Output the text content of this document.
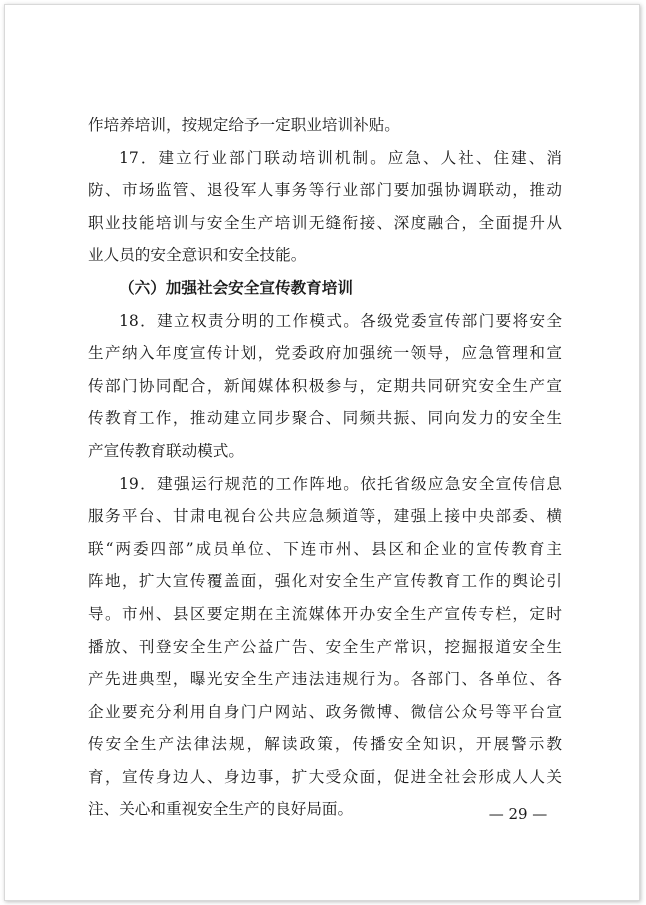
作培养培训，按规定给予一定职业培训补贴。
17．建立行业部门联动培训机制。应急、人社、住建、消
防、市场监管、退役军人事务等行业部门要加强协调联动，推动
职业技能培训与安全生产培训无缝衔接、深度融合，全面提升从
业人员的安全意识和安全技能。
（六）加强社会安全宣传教育培训
18．建立权责分明的工作模式。各级党委宣传部门要将安全
生产纳入年度宣传计划，党委政府加强统一领导，应急管理和宣
传部门协同配合，新闻媒体积极参与，定期共同研究安全生产宣
传教育工作，推动建立同步聚合、同频共振、同向发力的安全生
产宣传教育联动模式。
19．建强运行规范的工作阵地。依托省级应急安全宣传信息
服务平台、甘肃电视台公共应急频道等，建强上接中央部委、横
联“两委四部”成员单位、下连市州、县区和企业的宣传教育主
阵地，扩大宣传覆盖面，强化对安全生产宣传教育工作的舆论引
导。市州、县区要定期在主流媒体开办安全生产宣传专栏，定时
播放、刊登安全生产公益广告、安全生产常识，挖掘报道安全生
产先进典型，曝光安全生产违法违规行为。各部门、各单位、各
企业要充分利用自身门户网站、政务微博、微信公众号等平台宣
传安全生产法律法规，解读政策，传播安全知识，开展警示教
育，宣传身边人、身边事，扩大受众面，促进全社会形成人人关
注、关心和重视安全生产的良好局面。	— 29 —
